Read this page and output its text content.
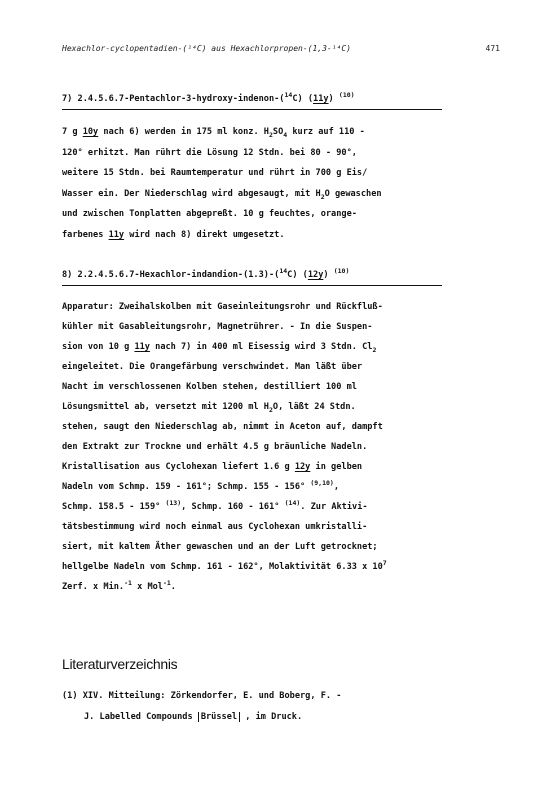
Hexachlor-cyclopentadien-(¹⁴C) aus Hexachlorpropen-(1,3-¹⁴C)	471
7) 2.4.5.6.7-Pentachlor-3-hydroxy-indenon-($^{14}$C) (11y) $^{(10)}$
7 g 10y nach 6) werden in 175 ml konz. $H_2SO_4$ kurz auf 110 -
120° erhitzt. Man rührt die Lösung 12 Stdn. bei 80 - 90°,
weitere 15 Stdn. bei Raumtemperatur und rührt in 700 g Eis/
Wasser ein. Der Niederschlag wird abgesaugt, mit $H_2O$ gewaschen
und zwischen Tonplatten abgepreßt. 10 g feuchtes, orange-
farbenes 11y wird nach 8) direkt umgesetzt.
8) 2.2.4.5.6.7-Hexachlor-indandion-(1.3)-($^{14}$C) (12y) $^{(10)}$
Apparatur: Zweihalskolben mit Gaseinleitungsrohr und Rückfluß-
kühler mit Gasableitungsrohr, Magnetrührer. - In die Suspen-
sion von 10 g 11y nach 7) in 400 ml Eisessig wird 3 Stdn. $Cl_2$
eingeleitet. Die Orangefärbung verschwindet. Man läßt über
Nacht im verschlossenen Kolben stehen, destilliert 100 ml
Lösungsmittel ab, versetzt mit 1200 ml $H_2O$, läßt 24 Stdn.
stehen, saugt den Niederschlag ab, nimmt in Aceton auf, dampft
den Extrakt zur Trockne und erhält 4.5 g bräunliche Nadeln.
Kristallisation aus Cyclohexan liefert 1.6 g 12y in gelben
Nadeln vom Schmp. 159 - 161°; Schmp. 155 - 156° $^{(9,10)}$,
Schmp. 158.5 - 159° $^{(13)}$, Schmp. 160 - 161° $^{(14)}$. Zur Aktivi-
tätsbestimmung wird noch einmal aus Cyclohexan umkristalli-
siert, mit kaltem Äther gewaschen und an der Luft getrocknet;
hellgelbe Nadeln vom Schmp. 161 - 162°, Molaktivität 6.33 x $10^7$
Zerf. x Min.$^{-1}$ x Mol$^{-1}$.
Literaturverzeichnis
(1) XIV. Mitteilung: Zörkendorfer, E. und Boberg, F. -
J. Labelled Compounds Brüssel , im Druck.
